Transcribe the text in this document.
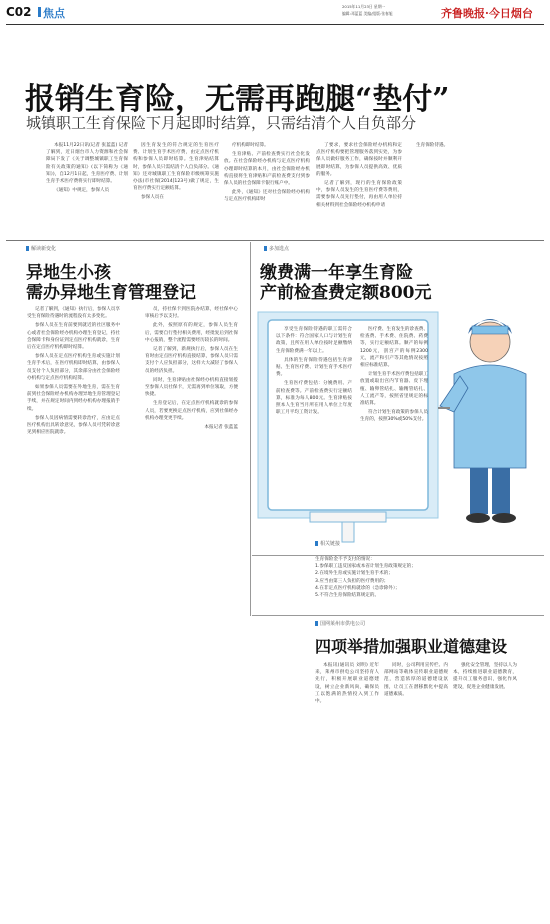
C02 焦点
2015年11月23日 星期一
编辑:邓蓝蓝 美编/组版:张春旭	齐鲁晚报·今日烟台
报销生育险，无需再跑腿“垫付”
城镇职工生育保险下月起即时结算，只需结清个人自负部分

本报11月22日讯(记者 张蓝蓝) 记者了解到，近日烟台市人力资源和社会保障局下发了《关于调整城镇职工生育保险有关政策的通知》(以下简称为《通知》)，自12月1日起，生育医疗费、计划生育手术医疗费将实行即时结算。

《通知》中规定，参保人员

因生育发生的符合规定的生育医疗费、计划生育手术医疗费，由定点医疗机构和参保人员即时结算。生育津贴结算时，参保人员只需结清个人自负部分。《通知》还对城镇职工生育保险市级统筹实施办法(市社保[2014]123号)做了规定，生育医疗费实行定额结算。

参保人员在

疗机构即时结算。

生育津贴、产前检查费实行社会化发放。在社会保险经办机构与定点医疗机构办理即时结算的本月，由社会保险经办机构直接将生育津贴和产前检查费支付到参保人员的社会保障卡银行账户中。

此外，《通知》还对社会保险经办机构与定点医疗机构即时

了要求，要求社会保险经办机构和定点医疗机构要把管理服务落到实处，为参保人员做好服务工作，确保按时并顺利开展即时结算，为参保人员提供高效、优质的服务。

记者了解到，现行的生育保险政策中，参保人员发生的生育医疗费等费用，需要参保人员先行垫付，再由用人单位持相关材料到社会保险经办机构申请

生育保险待遇。

解读新变化
异地生小孩
需办异地生育管理登记

记者了解到，《通知》执行后，参保人员享受生育保险待遇时的流程没有太多变化。

参保人员在生育前要到就近的社区服务中心或者社会保险经办机构办理生育登记，持社会保障卡和身份证到定点医疗机构就诊，生育后在定点医疗机构即时结算。

参保人员在定点医疗机构生育或实施计划生育手术后，在医疗机构即时结算，由参保人员支付个人负担部分，其余部分由社会保险经办机构与定点医疗机构结算。

如果参保人员需要在外地生育，需在生育前到社会保险经办机构办理异地生育管理登记手续，并在规定时间内到经办机构办理报销手续。

参保人员因病情需要转诊治疗，应由定点医疗机构出具转诊意见，参保人员可凭转诊意见到相应医院就诊。

员，持社保卡到医院办结算，经社保中心审核后予以支付。

此外，按照原有的规定，参保人员生育后，需要自行垫付相关费用，经批复后到社保中心报销，整个流程需要经历较长的时间。

记者了解到，新规执行后，参保人员在生育时由定点医疗机构直接结算，参保人员只需支付个人应负担部分，这样大大减轻了参保人员的经济负担。

同时，生育津贴由社保经办机构直接划拨至参保人员社保卡，无需再到单位领取，方便快捷。

生育登记后，在定点医疗机构就诊的参保人员，若要更换定点医疗机构，应到社保经办机构办理变更手续。

本报记者 张蓝蓝

多加选点
缴费满一年享生育险
产前检查费定额800元

享受生育保险待遇的职工需符合以下条件：符合国家人口与计划生育政策，且所在用人单位按时足额缴纳生育保险费满一年以上。

具体的生育保险待遇包括生育津贴、生育医疗费、计划生育手术医疗费。

生育医疗费包括：分娩费用、产前检查费等。产前检查费实行定额结算，标准为每人800元。生育津贴按照本人生育当月所在用人单位上年度职工月平均工资计发。

医疗费、生育发生的诊查费、检查费、手术费、住院费、药费等，实行定额结算。顺产的每例1200元，剖宫产的每例2300元，流产和引产等其他情况按照相应标准结算。

计划生育手术医疗费包括职工放置或取出宫内节育器、皮下埋植、输卵管结扎、输精管结扎、人工流产等，按照省里规定的标准结算。

符合计划生育政策的参保人员生育的，按照30%或50%支付。

相关链接
生育保险金不予支付的情况：
1.参保职工违反国家或本省计划生育政策规定的；
2.在境外生育或实施计划生育手术的；
3.应当由第三人负担的医疗费用的；
4.在非定点医疗机构就诊的（急诊除外）；
5.不符合生育保险结算规定的。
国网莱州市供电公司
四项举措加强职业道德建设

本报讯(通讯员 刘明) 近年来，莱州市供电公司坚持育人先行，积极开展职业道德建设，树立企业新风尚，确保员工以饱满的热情投入到工作中。

同时，公司利用宣传栏、内部网站等载体宣传职业道德规范，营造浓厚的道德建设氛围，让员工在潜移默化中提高道德素质。

强化安全管理，坚持以人为本，持续推进职业道德教育，提升员工服务意识，强化作风建设，促进企业健康发展。
